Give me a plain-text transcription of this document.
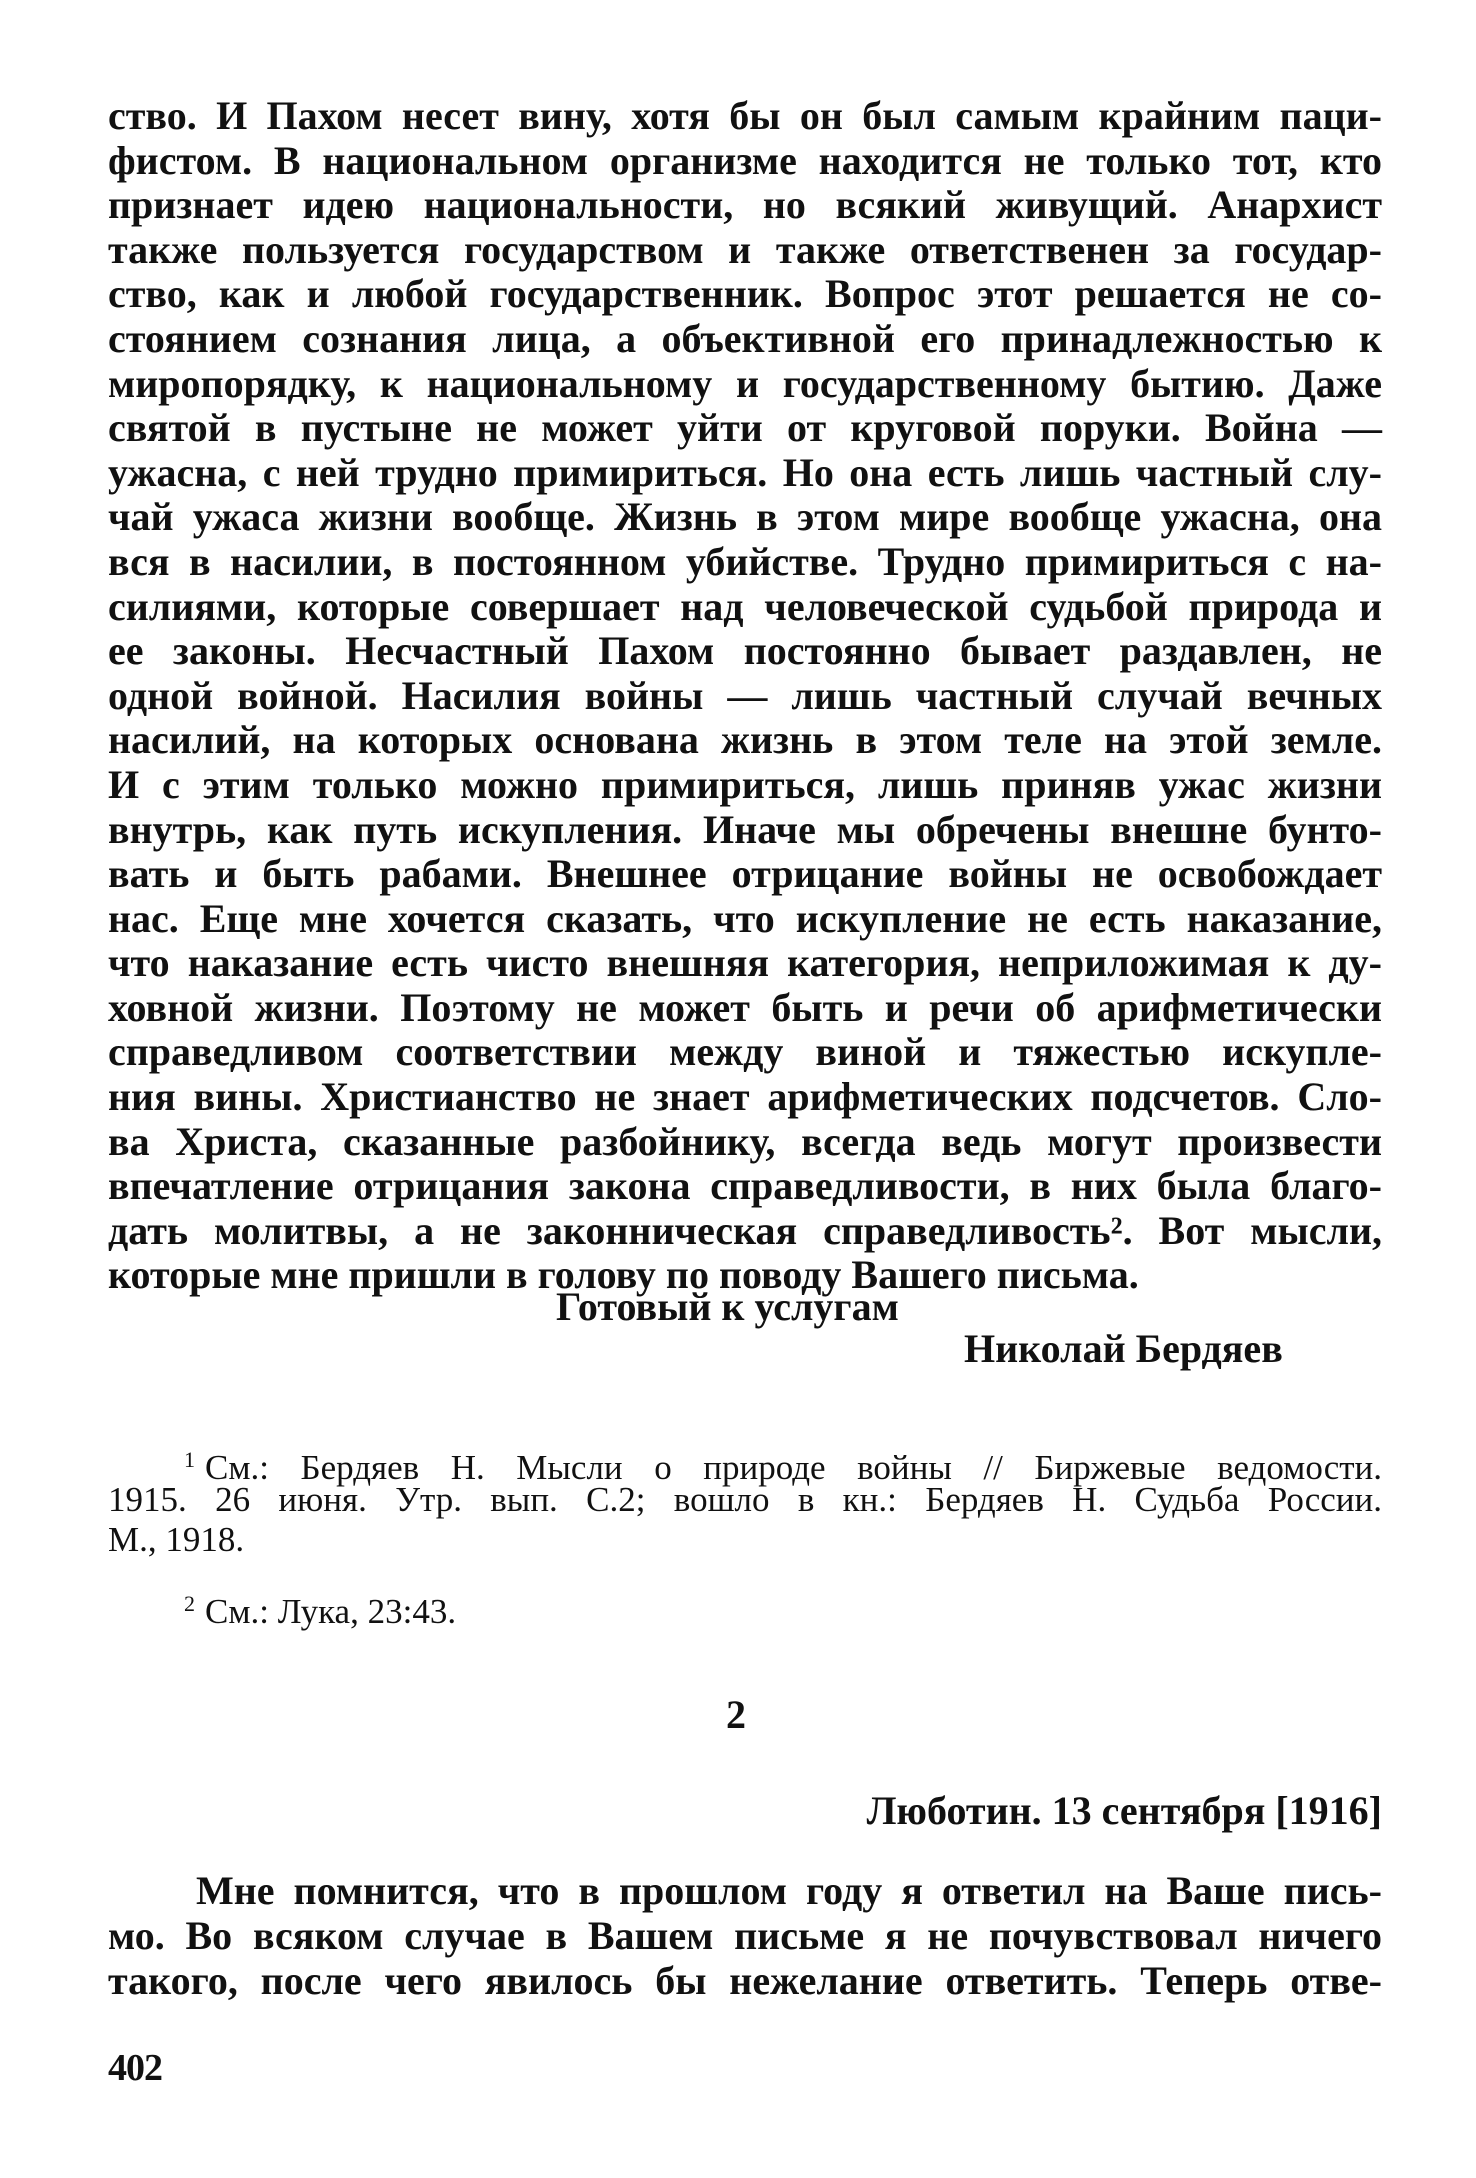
ство. И Пахом несет вину, хотя бы он был самым крайним паци-
фистом. В национальном организме находится не только тот, кто
признает идею национальности, но всякий живущий. Анархист
также пользуется государством и также ответственен за государ-
ство, как и любой государственник. Вопрос этот решается не со-
стоянием сознания лица, а объективной его принадлежностью к
миропорядку, к национальному и государственному бытию. Даже
святой в пустыне не может уйти от круговой поруки. Война —
ужасна, с ней трудно примириться. Но она есть лишь частный слу-
чай ужаса жизни вообще. Жизнь в этом мире вообще ужасна, она
вся в насилии, в постоянном убийстве. Трудно примириться с на-
силиями, которые совершает над человеческой судьбой природа и
ее законы. Несчастный Пахом постоянно бывает раздавлен, не
одной войной. Насилия войны — лишь частный случай вечных
насилий, на которых основана жизнь в этом теле на этой земле.
И с этим только можно примириться, лишь приняв ужас жизни
внутрь, как путь искупления. Иначе мы обречены внешне бунто-
вать и быть рабами. Внешнее отрицание войны не освобождает
нас. Еще мне хочется сказать, что искупление не есть наказание,
что наказание есть чисто внешняя категория, неприложимая к ду-
ховной жизни. Поэтому не может быть и речи об арифметически
справедливом соответствии между виной и тяжестью искупле-
ния вины. Христианство не знает арифметических подсчетов. Сло-
ва Христа, сказанные разбойнику, всегда ведь могут произвести
впечатление отрицания закона справедливости, в них была благо-
дать молитвы, а не законническая справедливость². Вот мысли,
которые мне пришли в голову по поводу Вашего письма.
Готовый к услугам
Николай Бердяев
$^1$ См.: Бердяев Н. Мысли о природе войны // Биржевые ведомости.
1915. 26 июня. Утр. вып. С.2; вошло в кн.: Бердяев Н. Судьба России.
М., 1918.
$^2$ См.: Лука, 23:43.
2
Люботин. 13 сентября [1916]
Мне помнится, что в прошлом году я ответил на Ваше пись-
мо. Во всяком случае в Вашем письме я не почувствовал ничего
такого, после чего явилось бы нежелание ответить. Теперь отве-
402
